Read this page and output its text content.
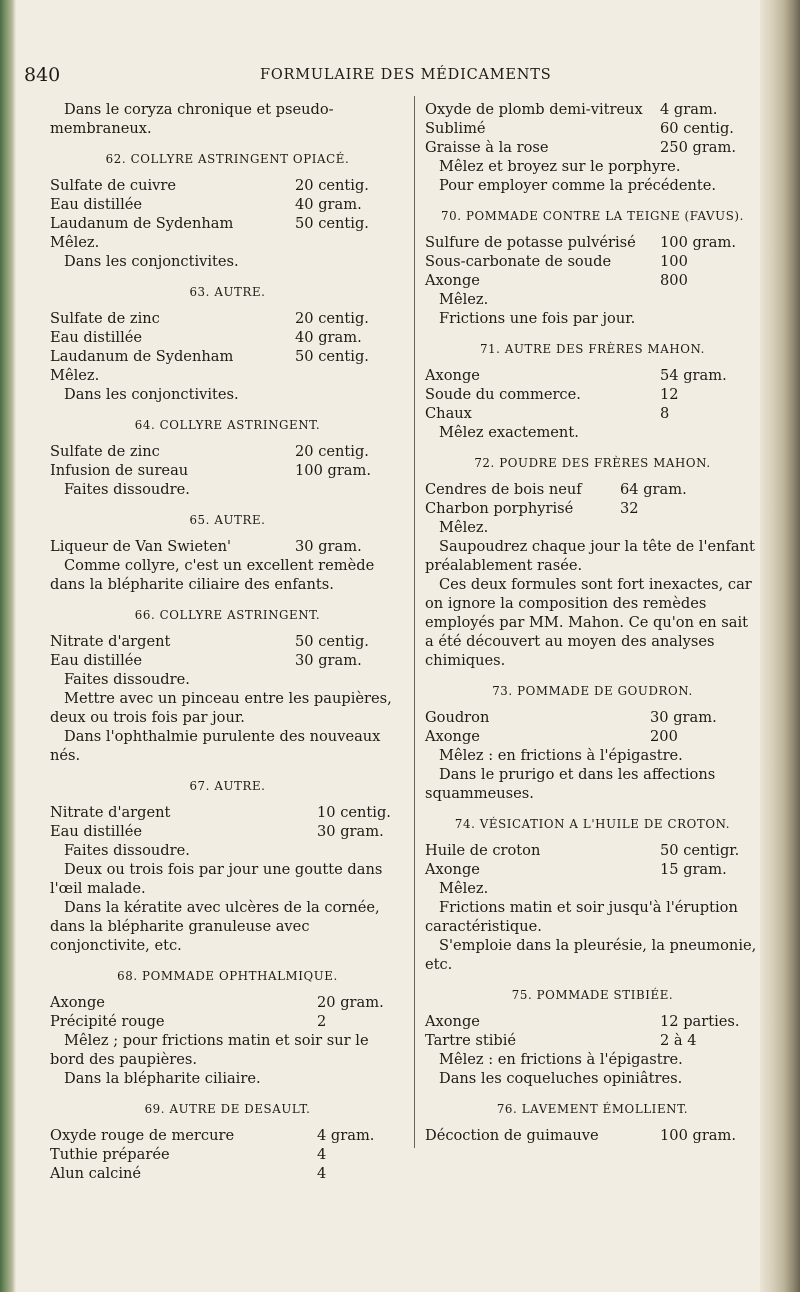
840	FORMULAIRE DES MÉDICAMENTS

Dans le coryza chronique et pseudo-membraneux.

62. COLLYRE ASTRINGENT OPIACÉ.
Sulfate de cuivre	20 centig.
Eau distillée	40 gram.
Laudanum de Sydenham	50 centig.

Mêlez.

Dans les conjonctivites.

63. AUTRE.
Sulfate de zinc	20 centig.
Eau distillée	40 gram.
Laudanum de Sydenham	50 centig.

Mêlez.

Dans les conjonctivites.

64. COLLYRE ASTRINGENT.
Sulfate de zinc	20 centig.
Infusion de sureau	100 gram.

Faites dissoudre.

65. AUTRE.
Liqueur de Van Swieten'	30 gram.

Comme collyre, c'est un excellent remède dans la blépharite ciliaire des enfants.

66. COLLYRE ASTRINGENT.
Nitrate d'argent	50 centig.
Eau distillée	30 gram.

Faites dissoudre.

Mettre avec un pinceau entre les paupières, deux ou trois fois par jour.

Dans l'ophthalmie purulente des nouveaux nés.

67. AUTRE.
Nitrate d'argent	10 centig.
Eau distillée	30 gram.

Faites dissoudre.

Deux ou trois fois par jour une goutte dans l'œil malade.

Dans la kératite avec ulcères de la cornée, dans la blépharite granuleuse avec conjonctivite, etc.

68. POMMADE OPHTHALMIQUE.
Axonge	20 gram.
Précipité rouge	2

Mêlez ; pour frictions matin et soir sur le bord des paupières.

Dans la blépharite ciliaire.

69. AUTRE DE DESAULT.
Oxyde rouge de mercure	4 gram.
Tuthie préparée	4
Alun calciné	4
Oxyde de plomb demi-vitreux 4 gram.
Sublimé	60 centig.
Graisse à la rose	250 gram.

Mêlez et broyez sur le porphyre.

Pour employer comme la précédente.

70. POMMADE CONTRE LA TEIGNE (FAVUS).
Sulfure de potasse pulvérisé 100 gram.
Sous-carbonate de soude	100
Axonge	800

Mêlez.

Frictions une fois par jour.

71. AUTRE DES FRÈRES MAHON.
Axonge	54 gram.
Soude du commerce.	12
Chaux	8

Mêlez exactement.

72. POUDRE DES FRÈRES MAHON.
Cendres de bois neuf	64 gram.
Charbon porphyrisé	32

Mêlez.

Saupoudrez chaque jour la tête de l'enfant préalablement rasée.

Ces deux formules sont fort inexactes, car on ignore la composition des remèdes employés par MM. Mahon. Ce qu'on en sait a été découvert au moyen des analyses chimiques.

73. POMMADE DE GOUDRON.
Goudron	30 gram.
Axonge	200

Mêlez : en frictions à l'épigastre.

Dans le prurigo et dans les affections squammeuses.

74. VÉSICATION A L'HUILE DE CROTON.
Huile de croton	50 centigr.
Axonge	15 gram.

Mêlez.

Frictions matin et soir jusqu'à l'éruption caractéristique.

S'emploie dans la pleurésie, la pneumonie, etc.

75. POMMADE STIBIÉE.
Axonge	12 parties.
Tartre stibié	2 à 4

Mêlez : en frictions à l'épigastre.

Dans les coqueluches opiniâtres.

76. LAVEMENT ÉMOLLIENT.
Décoction de guimauve	100 gram.
